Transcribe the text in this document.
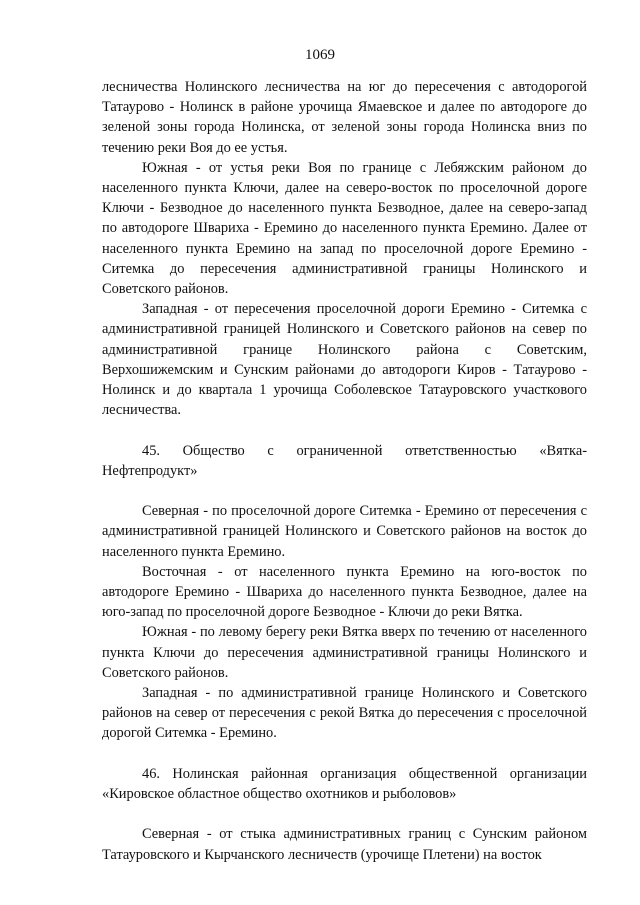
1069

лесничества Нолинского лесничества на юг до пересечения с автодорогой Татаурово - Нолинск в районе урочища Ямаевское и далее по автодороге до зеленой зоны города Нолинска, от зеленой зоны города Нолинска вниз по течению реки Воя до ее устья.

Южная - от устья реки Воя по границе с Лебяжским районом до населенного пункта Ключи, далее на северо-восток по проселочной дороге Ключи - Безводное до населенного пункта Безводное, далее на северо-запад по автодороге Швариха - Еремино до населенного пункта Еремино. Далее от населенного пункта Еремино на запад по проселочной дороге Еремино - Ситемка до пересечения административной границы Нолинского и Советского районов.

Западная - от пересечения проселочной дороги Еремино - Ситемка с административной границей Нолинского и Советского районов на север по административной границе Нолинского района с Советским, Верхошижемским и Сунским районами до автодороги Киров - Татаурово - Нолинск и до квартала 1 урочища Соболевское Татауровского участкового лесничества.

45. Общество с ограниченной ответственностью «Вятка-Нефтепродукт»

Северная - по проселочной дороге Ситемка - Еремино от пересечения с административной границей Нолинского и Советского районов на восток до населенного пункта Еремино.

Восточная - от населенного пункта Еремино на юго-восток по автодороге Еремино - Швариха до населенного пункта Безводное, далее на юго-запад по проселочной дороге Безводное - Ключи до реки Вятка.

Южная - по левому берегу реки Вятка вверх по течению от населенного пункта Ключи до пересечения административной границы Нолинского и Советского районов.

Западная - по административной границе Нолинского и Советского районов на север от пересечения с рекой Вятка до пересечения с проселочной дорогой Ситемка - Еремино.

46. Нолинская районная организация общественной организации «Кировское областное общество охотников и рыболовов»

Северная - от стыка административных границ с Сунским районом Татауровского и Кырчанского лесничеств (урочище Плетени) на восток
